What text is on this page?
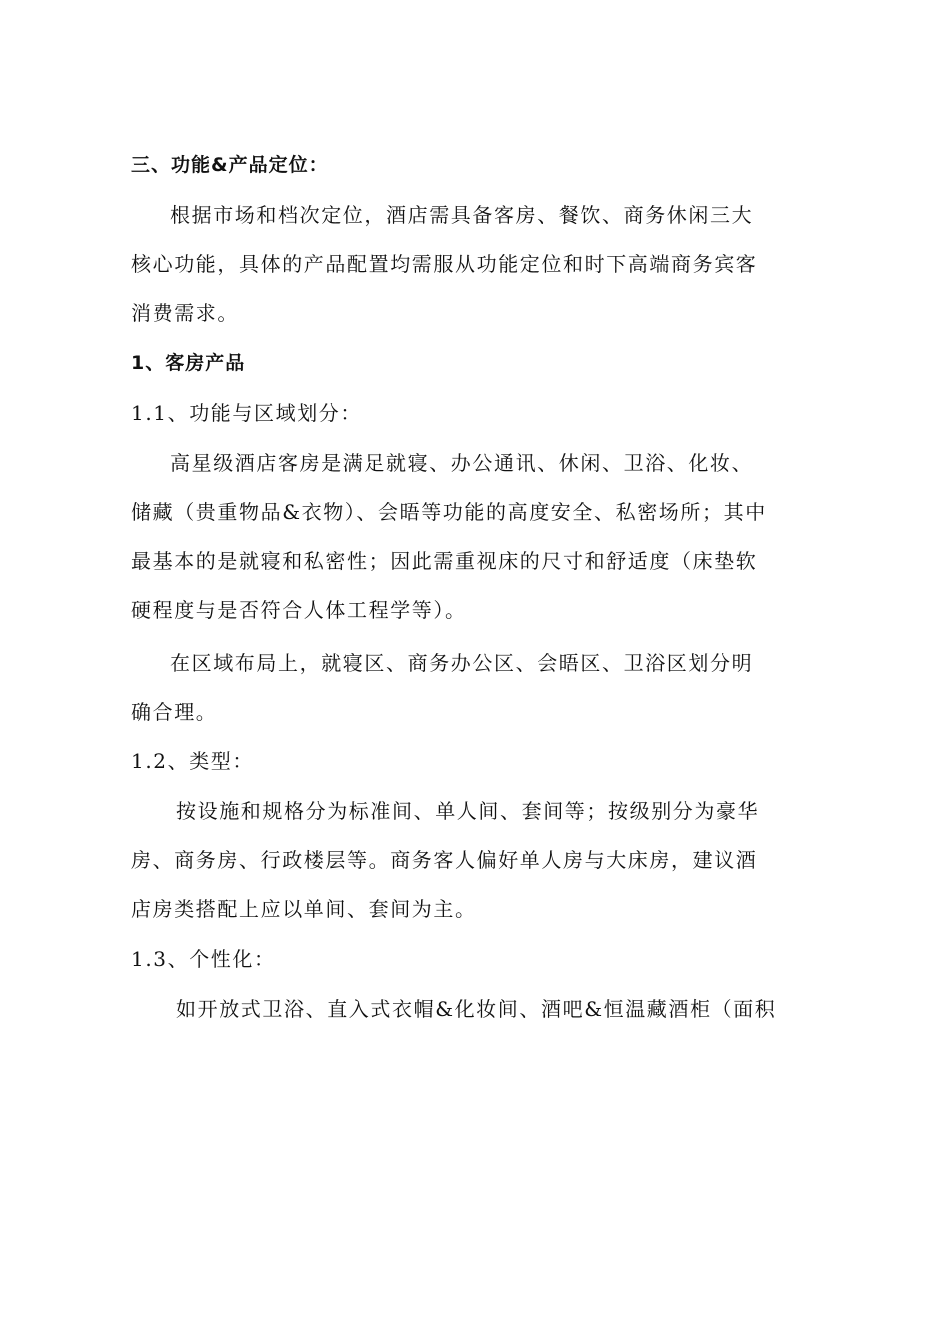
三、功能&产品定位：
根据市场和档次定位，酒店需具备客房、餐饮、商务休闲三大
核心功能，具体的产品配置均需服从功能定位和时下高端商务宾客
消费需求。
1、客房产品
1.1、功能与区域划分：
高星级酒店客房是满足就寝、办公通讯、休闲、卫浴、化妆、
储藏（贵重物品&衣物）、会晤等功能的高度安全、私密场所；其中
最基本的是就寝和私密性；因此需重视床的尺寸和舒适度（床垫软
硬程度与是否符合人体工程学等）。
在区域布局上，就寝区、商务办公区、会晤区、卫浴区划分明
确合理。
1.2、类型：
按设施和规格分为标准间、单人间、套间等；按级别分为豪华
房、商务房、行政楼层等。商务客人偏好单人房与大床房，建议酒
店房类搭配上应以单间、套间为主。
1.3、个性化：
如开放式卫浴、直入式衣帽&化妆间、酒吧&恒温藏酒柜（面积
